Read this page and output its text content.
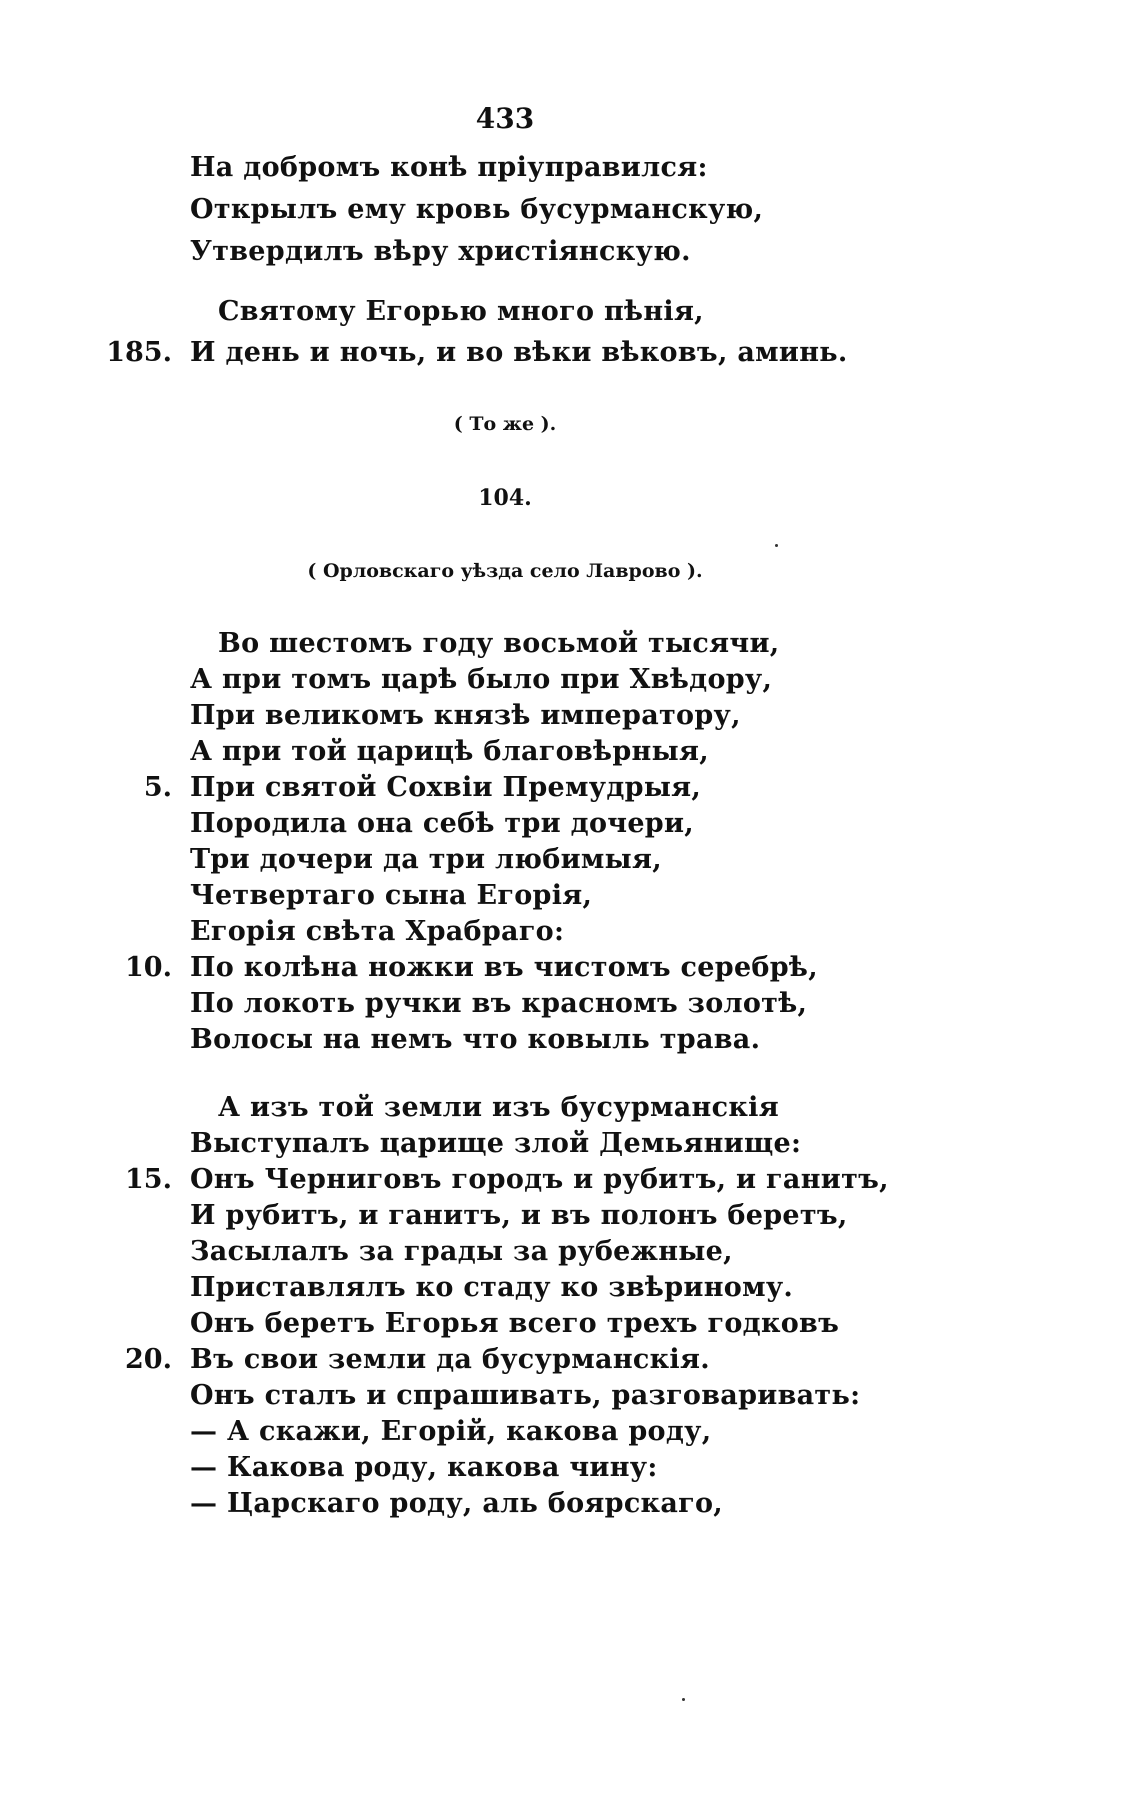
433
На добромъ конѣ пріуправился:
Открылъ ему кровь бусурманскую,
Утвердилъ вѣру христіянскую.
Святому Егорью много пѣнія,
185. И день и ночь, и во вѣки вѣковъ, аминь.
( То же ).
104.
( Орловскаго уѣзда село Лаврово ).
Во шестомъ году восьмой тысячи,
А при томъ царѣ было при Хвѣдору,
При великомъ князѣ императору,
А при той царицѣ благовѣрныя,
5. При святой Сохвіи Премудрыя,
Породила она себѣ три дочери,
Три дочери да три любимыя,
Четвертаго сына Егорія,
Егорія свѣта Храбраго:
10. По колѣна ножки въ чистомъ серебрѣ,
По локоть ручки въ красномъ золотѣ,
Волосы на немъ что ковыль трава.
А изъ той земли изъ бусурманскія
Выступалъ царище злой Демьянище:
15. Онъ Черниговъ городъ и рубитъ, и ганитъ,
И рубитъ, и ганитъ, и въ полонъ беретъ,
Засылалъ за грады за рубежные,
Приставлялъ ко стаду ко звѣриному.
Онъ беретъ Егорья всего трехъ годковъ
20. Въ свои земли да бусурманскія.
Онъ сталъ и спрашивать, разговаривать:
— А скажи, Егорій, какова роду,
— Какова роду, какова чину:
— Царскаго роду, аль боярскаго,
